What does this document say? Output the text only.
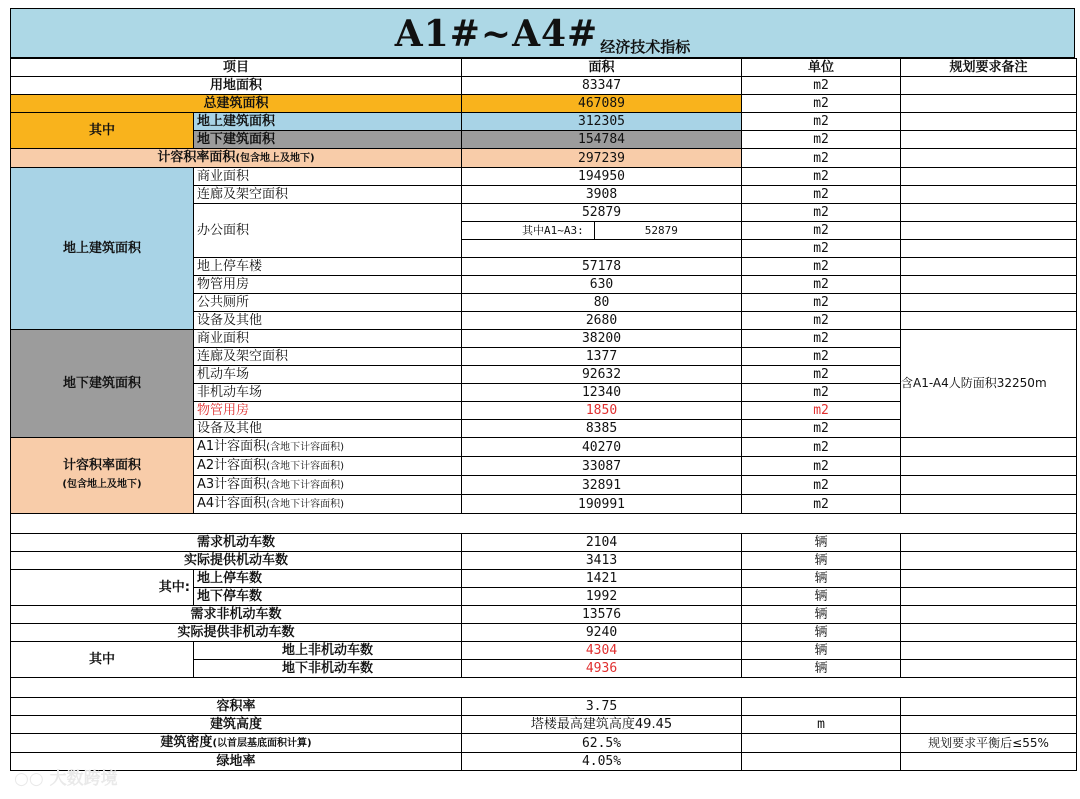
A1#~A4# 经济技术指标
项目		面积	单位	规划要求备注
用地面积		83347	m2	
总建筑面积		467089	m2	
其中	地上建筑面积	312305	m2	
	地下建筑面积	154784	m2	
计容积率面积(包含地上及地下)		297239	m2	
地上建筑面积	商业面积	194950	m2	
	连廊及架空面积	3908	m2	
	办公面积	52879	m2	
		其中A1~A3: 52879	m2	
			m2	
	地上停车楼	57178	m2	
	物管用房	630	m2	
	公共厕所	80	m2	
	设备及其他	2680	m2	
地下建筑面积	商业面积	38200	m2	含A1-A4人防面积32250m
	连廊及架空面积	1377	m2	
	机动车场	92632	m2	
	非机动车场	12340	m2	
	物管用房	1850	m2	
	设备及其他	8385	m2	
计容积率面积
(包含地上及地下)	A1计容面积(含地下计容面积)	40270	m2	
	A2计容面积(含地下计容面积)	33087	m2	
	A3计容面积(含地下计容面积)	32891	m2	
	A4计容面积(含地下计容面积)	190991	m2	

需求机动车数		2104	辆	
实际提供机动车数		3413	辆	
其中:	地上停车数	1421	辆	
	地下停车数	1992	辆	
需求非机动车数		13576	辆	
实际提供非机动车数		9240	辆	
其中	地上非机动车数	4304	辆	
	地下非机动车数	4936	辆	

容积率		3.75		
建筑高度		塔楼最高建筑高度49.45	m	
建筑密度(以首层基底面积计算)		62.5%		规划要求平衡后≤55%
绿地率		4.05%		
○○ 大数跨境
